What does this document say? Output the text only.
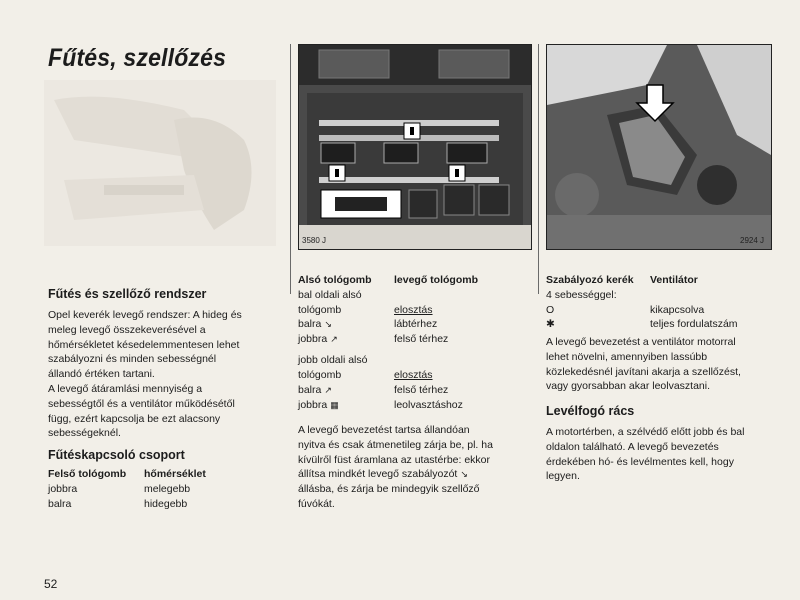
Fűtés, szellőzés
3580 J	2924 J
Fűtés és szellőző rendszer
Opel keverék levegő rendszer: A hideg és
meleg levegő összekeverésével a
hőmérsékletet késedelemmentesen lehet
szabályozni és minden sebességnél
állandó értéken tartani.
A levegő átáramlási mennyiség a
sebességtől és a ventilátor működésétől
függ, ezért kapcsolja be ezt alacsony
sebességeknél.
Fűtéskapcsoló csoport
Felső tológomb	hőmérséklet
jobbra	melegebb
balra	hidegebb
Alsó tológomb	levegő tológomb
bal oldali alsó
tológomb	elosztás
balra ↘	lábtérhez
jobbra ↗	felső térhez
jobb oldali alsó
tológomb	elosztás
balra ↗	felső térhez
jobbra ▦	leolvasztáshoz
A levegő bevezetést tartsa állandóan
nyitva és csak átmenetileg zárja be, pl. ha
kívülről füst áramlana az utastérbe: ekkor
állítsa mindkét levegő szabályozót ↘
állásba, és zárja be mindegyik szellőző
fúvókát.
Szabályozó kerék	Ventilátor
4 sebességgel:
O	kikapcsolva
✱	teljes fordulatszám
A levegő bevezetést a ventilátor motorral
lehet növelni, amennyiben lassúbb
közlekedésnél javítani akarja a szellőzést,
vagy gyorsabban akar leolvasztani.
Levélfogó rács
A motortérben, a szélvédő előtt jobb és bal
oldalon található. A levegő bevezetés
érdekében hó- és levélmentes kell, hogy
legyen.
52
